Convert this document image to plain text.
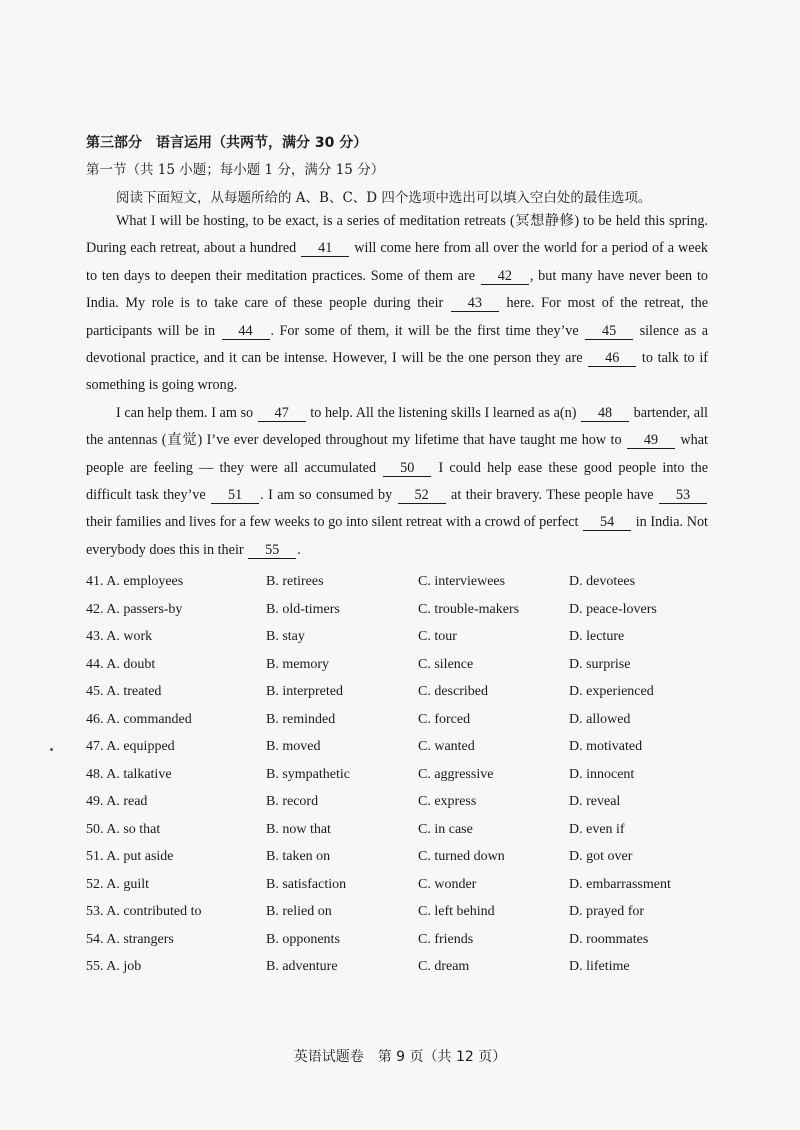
第三部分　语言运用（共两节，满分 30 分）
第一节（共 15 小题；每小题 1 分，满分 15 分）
阅读下面短文，从每题所给的 A、B、C、D 四个选项中选出可以填入空白处的最佳选项。

What I will be hosting, to be exact, is a series of meditation retreats (冥想静修) to be held this spring. During each retreat, about a hundred 41 will come here from all over the world for a period of a week to ten days to deepen their meditation practices. Some of them are 42 , but many have never been to India. My role is to take care of these people during their 43 here. For most of the retreat, the participants will be in 44 . For some of them, it will be the first time they’ve 45 silence as a devotional practice, and it can be intense. However, I will be the one person they are 46 to talk to if something is going wrong.

I can help them. I am so 47 to help. All the listening skills I learned as a(n) 48 bartender, all the antennas (直觉) I’ve ever developed throughout my lifetime that have taught me how to 49 what people are feeling — they were all accumulated 50 I could help ease these good people into the difficult task they’ve 51 . I am so consumed by 52 at their bravery. These people have 53 their families and lives for a few weeks to go into silent retreat with a crowd of perfect 54 in India. Not everybody does this in their 55 .

41. A. employees	B. retirees	C. interviewees	D. devotees
42. A. passers-by	B. old-timers	C. trouble-makers	D. peace-lovers
43. A. work	B. stay	C. tour	D. lecture
44. A. doubt	B. memory	C. silence	D. surprise
45. A. treated	B. interpreted	C. described	D. experienced
46. A. commanded	B. reminded	C. forced	D. allowed
47. A. equipped	B. moved	C. wanted	D. motivated
48. A. talkative	B. sympathetic	C. aggressive	D. innocent
49. A. read	B. record	C. express	D. reveal
50. A. so that	B. now that	C. in case	D. even if
51. A. put aside	B. taken on	C. turned down	D. got over
52. A. guilt	B. satisfaction	C. wonder	D. embarrassment
53. A. contributed to	B. relied on	C. left behind	D. prayed for
54. A. strangers	B. opponents	C. friends	D. roommates
55. A. job	B. adventure	C. dream	D. lifetime
英语试题卷　第 9 页（共 12 页）
